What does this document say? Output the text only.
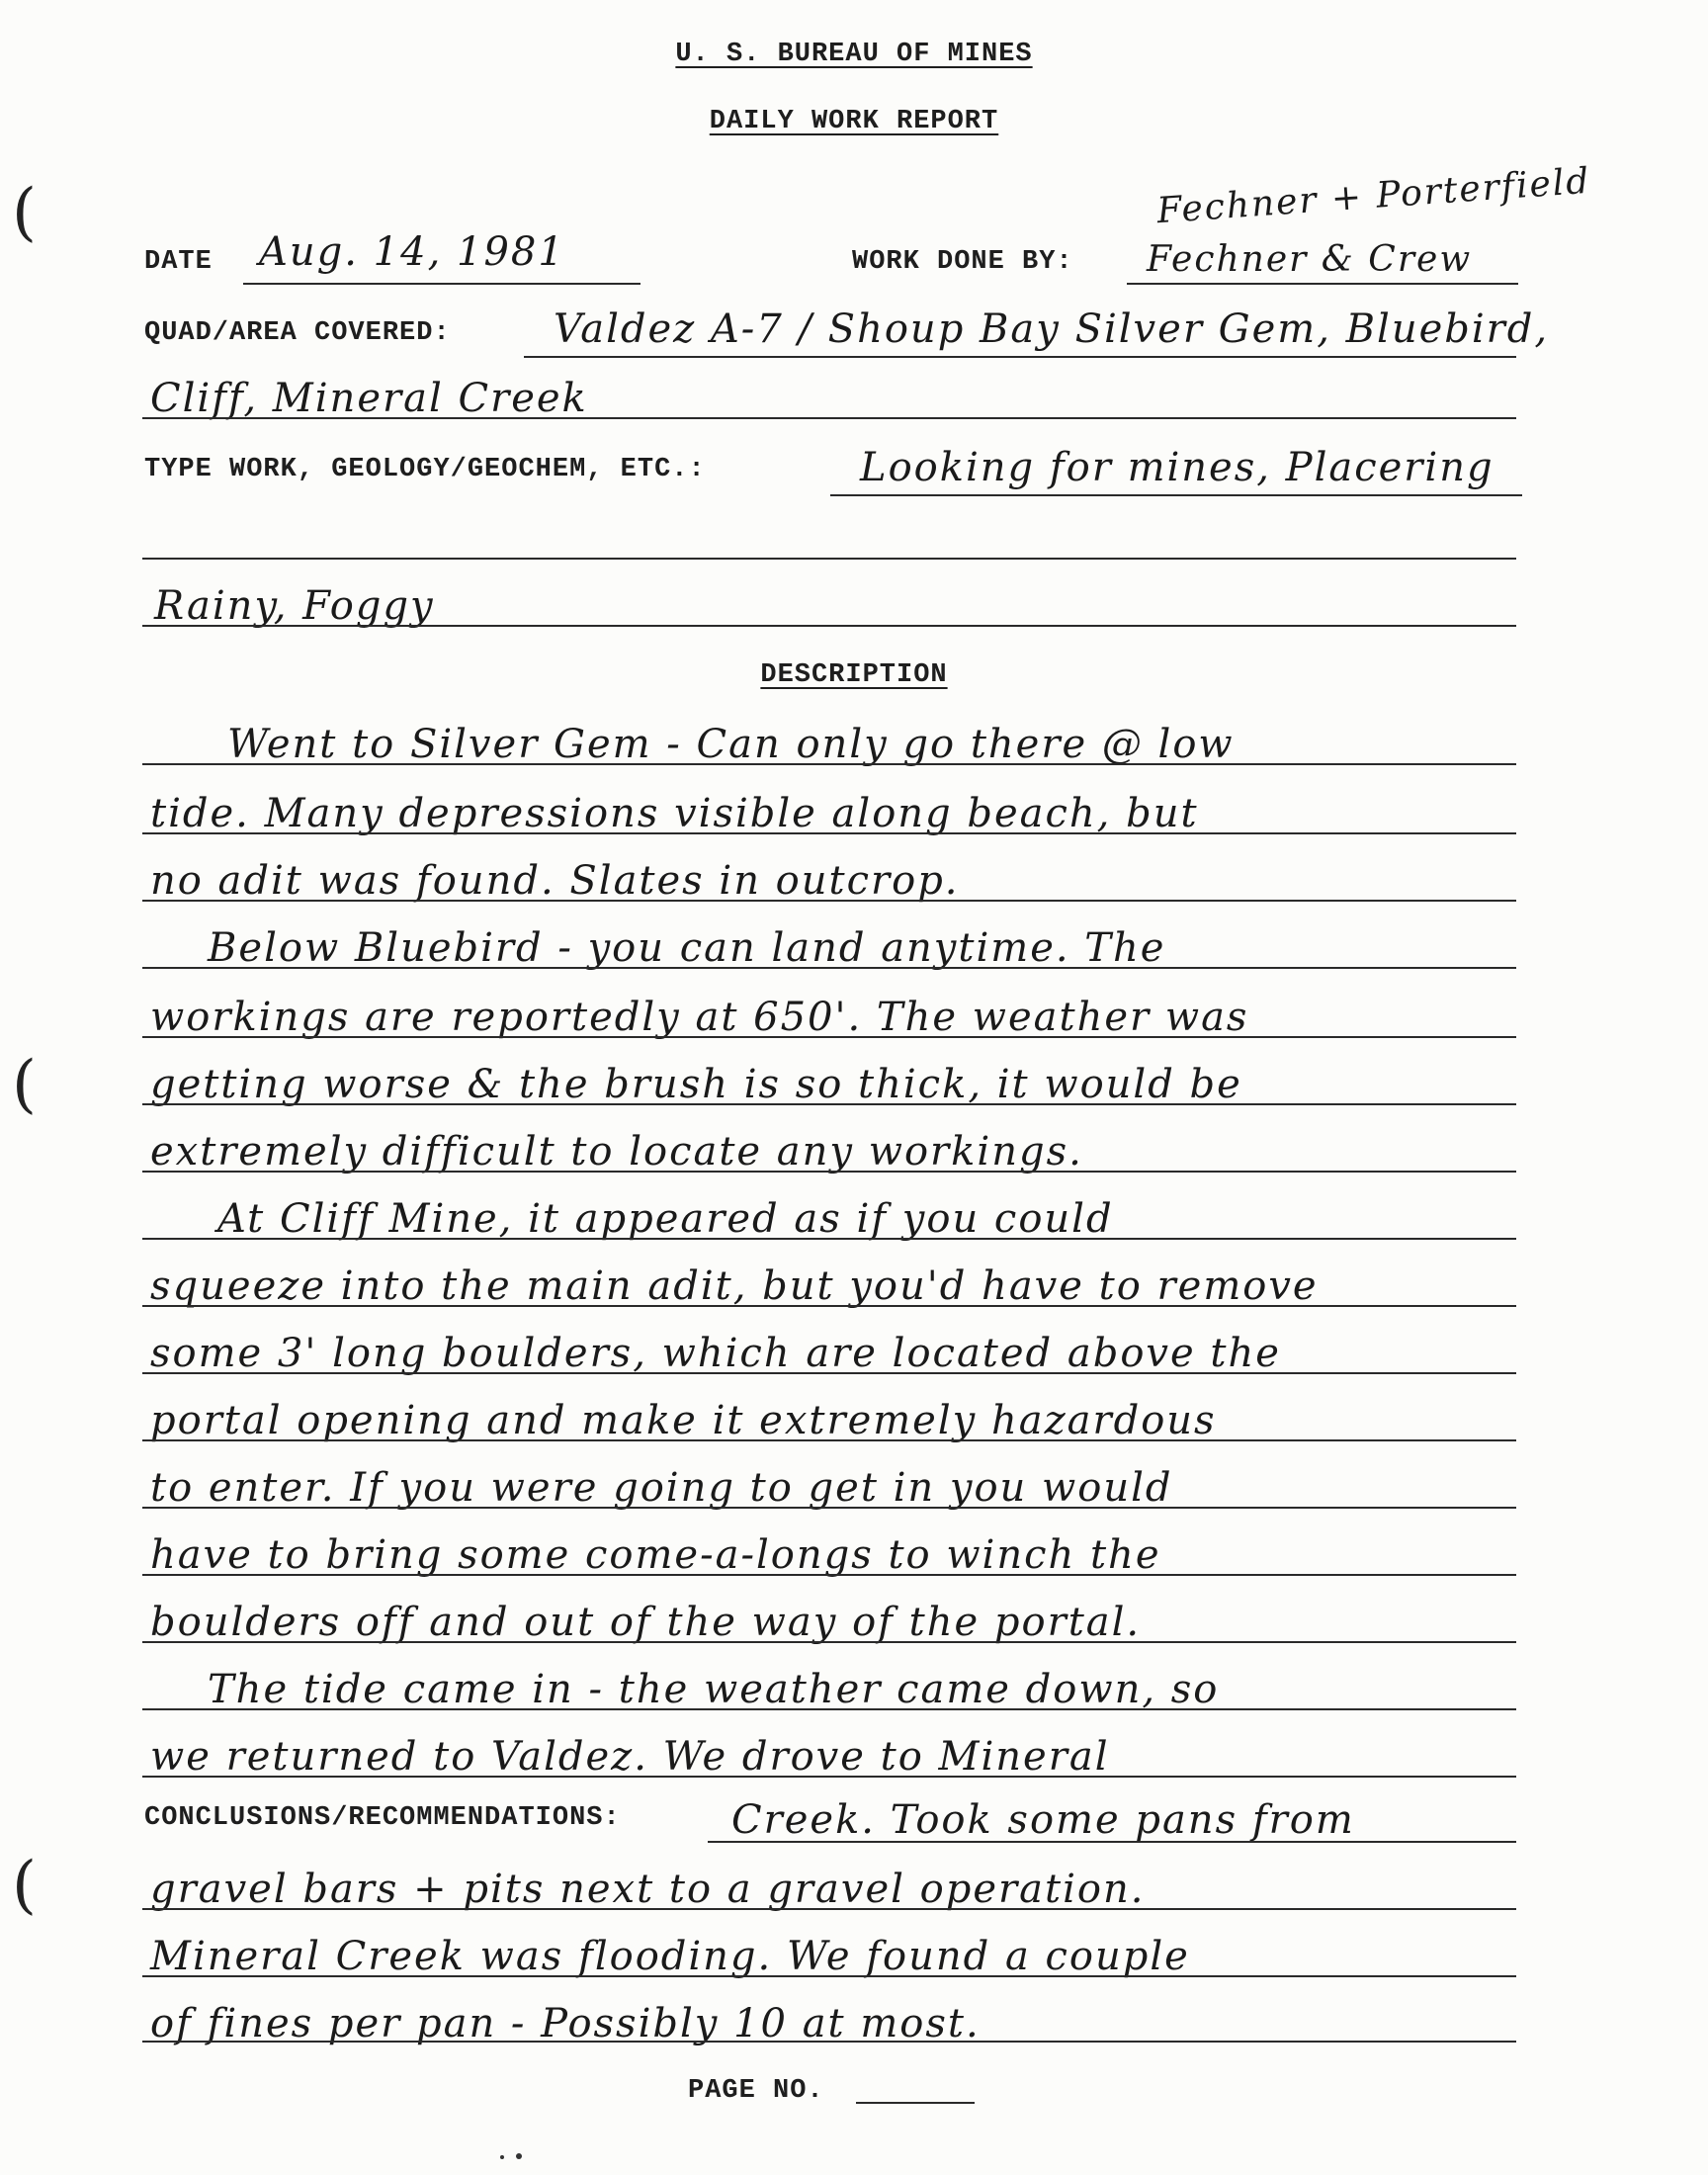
U. S. BUREAU OF MINES
DAILY WORK REPORT
Fechner + Porterfield
(
(
(
DATE Aug. 14, 1981	WORK DONE BY: Fechner & Crew
QUAD/AREA COVERED:	Valdez A-7 / Shoup Bay Silver Gem, Bluebird,
Cliff, Mineral Creek
TYPE WORK, GEOLOGY/GEOCHEM, ETC.:	Looking for mines, Placering
Rainy, Foggy
DESCRIPTION
Went to Silver Gem - Can only go there @ low
tide. Many depressions visible along beach, but
no adit was found. Slates in outcrop.
Below Bluebird - you can land anytime. The
workings are reportedly at 650'. The weather was
getting worse & the brush is so thick, it would be
extremely difficult to locate any workings.
At Cliff Mine, it appeared as if you could
squeeze into the main adit, but you'd have to remove
some 3' long boulders, which are located above the
portal opening and make it extremely hazardous
to enter. If you were going to get in you would
have to bring some come-a-longs to winch the
boulders off and out of the way of the portal.
The tide came in - the weather came down, so
we returned to Valdez. We drove to Mineral
CONCLUSIONS/RECOMMENDATIONS:	Creek. Took some pans from
gravel bars + pits next to a gravel operation.
Mineral Creek was flooding. We found a couple
of fines per pan - Possibly 10 at most.
PAGE NO.
